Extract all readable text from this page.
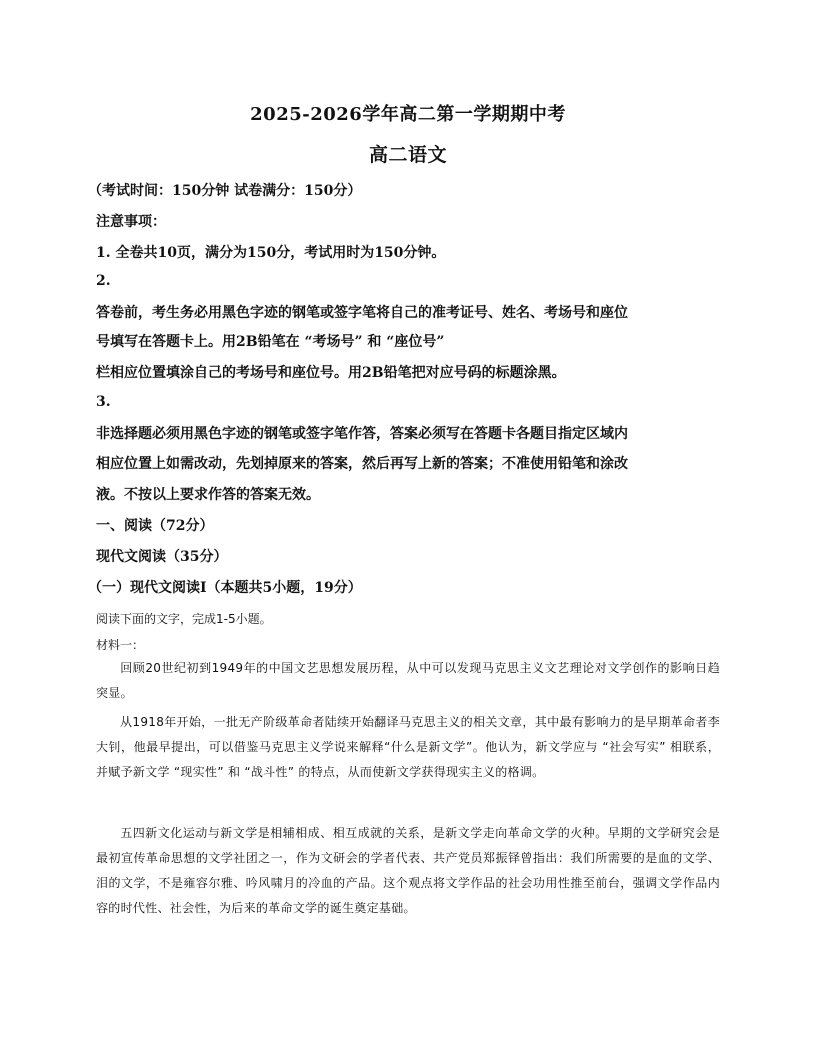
2025-2026学年高二第一学期期中考
高二语文
（考试时间：150分钟 试卷满分：150分）
注意事项：
1. 全卷共10页，满分为150分，考试用时为150分钟。
2.
答卷前，考生务必用黑色字迹的钢笔或签字笔将自己的准考证号、姓名、考场号和座位
号填写在答题卡上。用2B铅笔在 “考场号” 和 “座位号”
栏相应位置填涂自己的考场号和座位号。用2B铅笔把对应号码的标题涂黑。
3.
非选择题必须用黑色字迹的钢笔或签字笔作答，答案必须写在答题卡各题目指定区域内
相应位置上如需改动，先划掉原来的答案，然后再写上新的答案；不准使用铅笔和涂改
液。不按以上要求作答的答案无效。
一、阅读（72分）
现代文阅读（35分）
（一）现代文阅读Ⅰ（本题共5小题，19分）
阅读下面的文字，完成1-5小题。
材料一：
回顾20世纪初到1949年的中国文艺思想发展历程，从中可以发现马克思主义文艺理论对文学创作的影响日趋突显。
从1918年开始，一批无产阶级革命者陆续开始翻译马克思主义的相关文章，其中最有影响力的是早期革命者李大钊，他最早提出，可以借鉴马克思主义学说来解释“什么是新文学”。他认为，新文学应与 “社会写实” 相联系，并赋予新文学 “现实性” 和 “战斗性” 的特点，从而使新文学获得现实主义的格调。
五四新文化运动与新文学是相辅相成、相互成就的关系，是新文学走向革命文学的火种。早期的文学研究会是最初宣传革命思想的文学社团之一，作为文研会的学者代表、共产党员郑振铎曾指出：我们所需要的是血的文学、泪的文学，不是雍容尔雅、吟风啸月的冷血的产品。这个观点将文学作品的社会功用性推至前台，强调文学作品内容的时代性、社会性，为后来的革命文学的诞生奠定基础。
